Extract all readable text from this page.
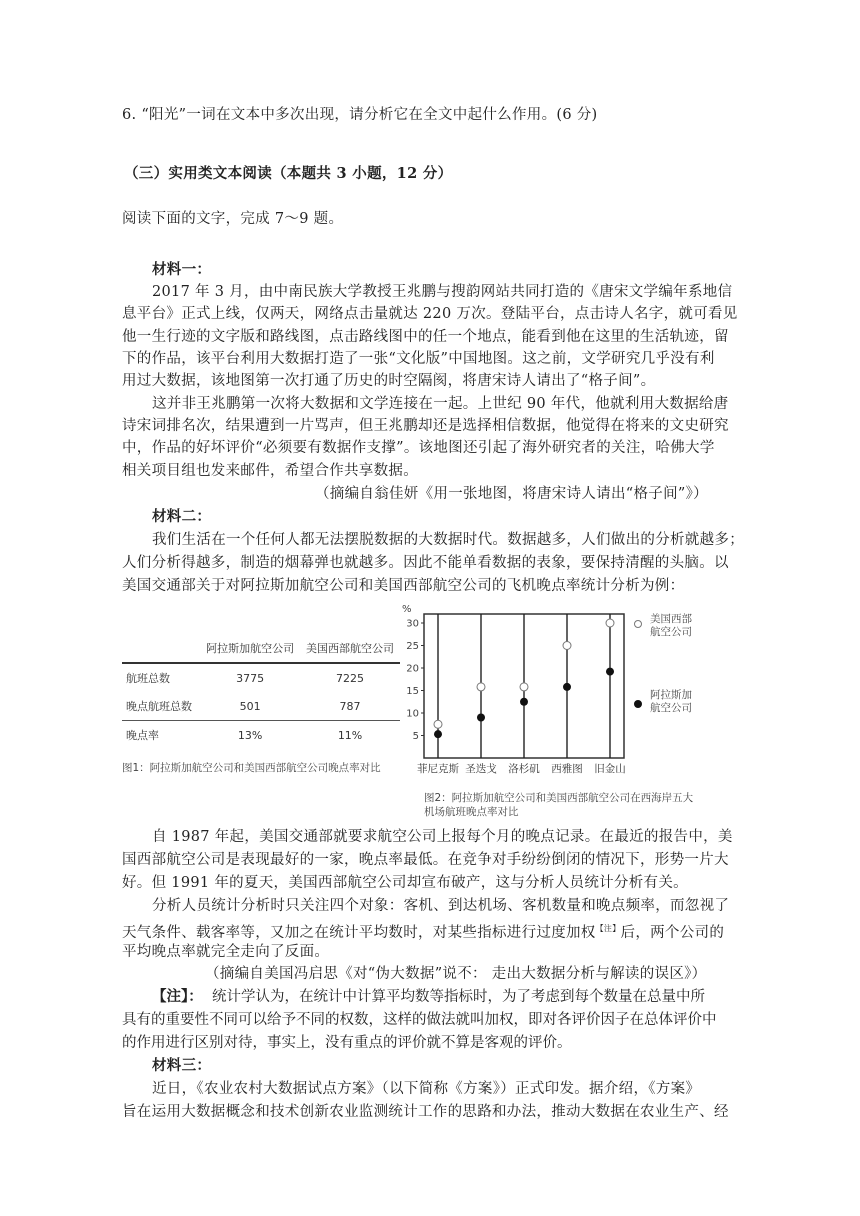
6. “阳光”一词在文本中多次出现，请分析它在全文中起什么作用。(6 分)
（三）实用类文本阅读（本题共 3 小题，12 分）
阅读下面的文字，完成 7～9 题。
材料一：
2017 年 3 月，由中南民族大学教授王兆鹏与搜韵网站共同打造的《唐宋文学编年系地信
息平台》正式上线，仅两天，网络点击量就达 220 万次。登陆平台，点击诗人名字，就可看见
他一生行迹的文字版和路线图，点击路线图中的任一个地点，能看到他在这里的生活轨迹，留
下的作品，该平台利用大数据打造了一张“文化版”中国地图。这之前，文学研究几乎没有利
用过大数据，该地图第一次打通了历史的时空隔阂，将唐宋诗人请出了“格子间”。
这并非王兆鹏第一次将大数据和文学连接在一起。上世纪 90 年代，他就利用大数据给唐
诗宋词排名次，结果遭到一片骂声，但王兆鹏却还是选择相信数据，他觉得在将来的文史研究
中，作品的好坏评价“必须要有数据作支撑”。该地图还引起了海外研究者的关注，哈佛大学
相关项目组也发来邮件，希望合作共享数据。
（摘编自翁佳妍《用一张地图，将唐宋诗人请出“格子间”》）
材料二：
我们生活在一个任何人都无法摆脱数据的大数据时代。数据越多，人们做出的分析就越多；
人们分析得越多，制造的烟幕弹也就越多。因此不能单看数据的表象，要保持清醒的头脑。以
美国交通部关于对阿拉斯加航空公司和美国西部航空公司的飞机晚点率统计分析为例：
	阿拉斯加航空公司	美国西部航空公司
航班总数	3775	7225
晚点航班总数	501	787
晚点率	13%	11%
图1：阿拉斯加航空公司和美国西部航空公司晚点率对比
%
5
10
15
20
25
30
菲尼克斯 圣迭戈 洛杉矶 西雅图 旧金山
美国西部
航空公司
阿拉斯加
航空公司
图2：阿拉斯加航空公司和美国西部航空公司在西海岸五大
机场航班晚点率对比
自 1987 年起，美国交通部就要求航空公司上报每个月的晚点记录。在最近的报告中，美
国西部航空公司是表现最好的一家，晚点率最低。在竞争对手纷纷倒闭的情况下，形势一片大
好。但 1991 年的夏天，美国西部航空公司却宣布破产，这与分析人员统计分析有关。
分析人员统计分析时只关注四个对象：客机、到达机场、客机数量和晚点频率，而忽视了
天气条件、载客率等，又加之在统计平均数时，对某些指标进行过度加权$^{【注】}$后，两个公司的
平均晚点率就完全走向了反面。
（摘编自美国冯启思《对“伪大数据”说不： 走出大数据分析与解读的误区》）
【注】： 统计学认为，在统计中计算平均数等指标时，为了考虑到每个数量在总量中所
具有的重要性不同可以给予不同的权数，这样的做法就叫加权，即对各评价因子在总体评价中
的作用进行区别对待，事实上，没有重点的评价就不算是客观的评价。
材料三：
近日，《农业农村大数据试点方案》（以下简称《方案》）正式印发。据介绍，《方案》
旨在运用大数据概念和技术创新农业监测统计工作的思路和办法，推动大数据在农业生产、经
